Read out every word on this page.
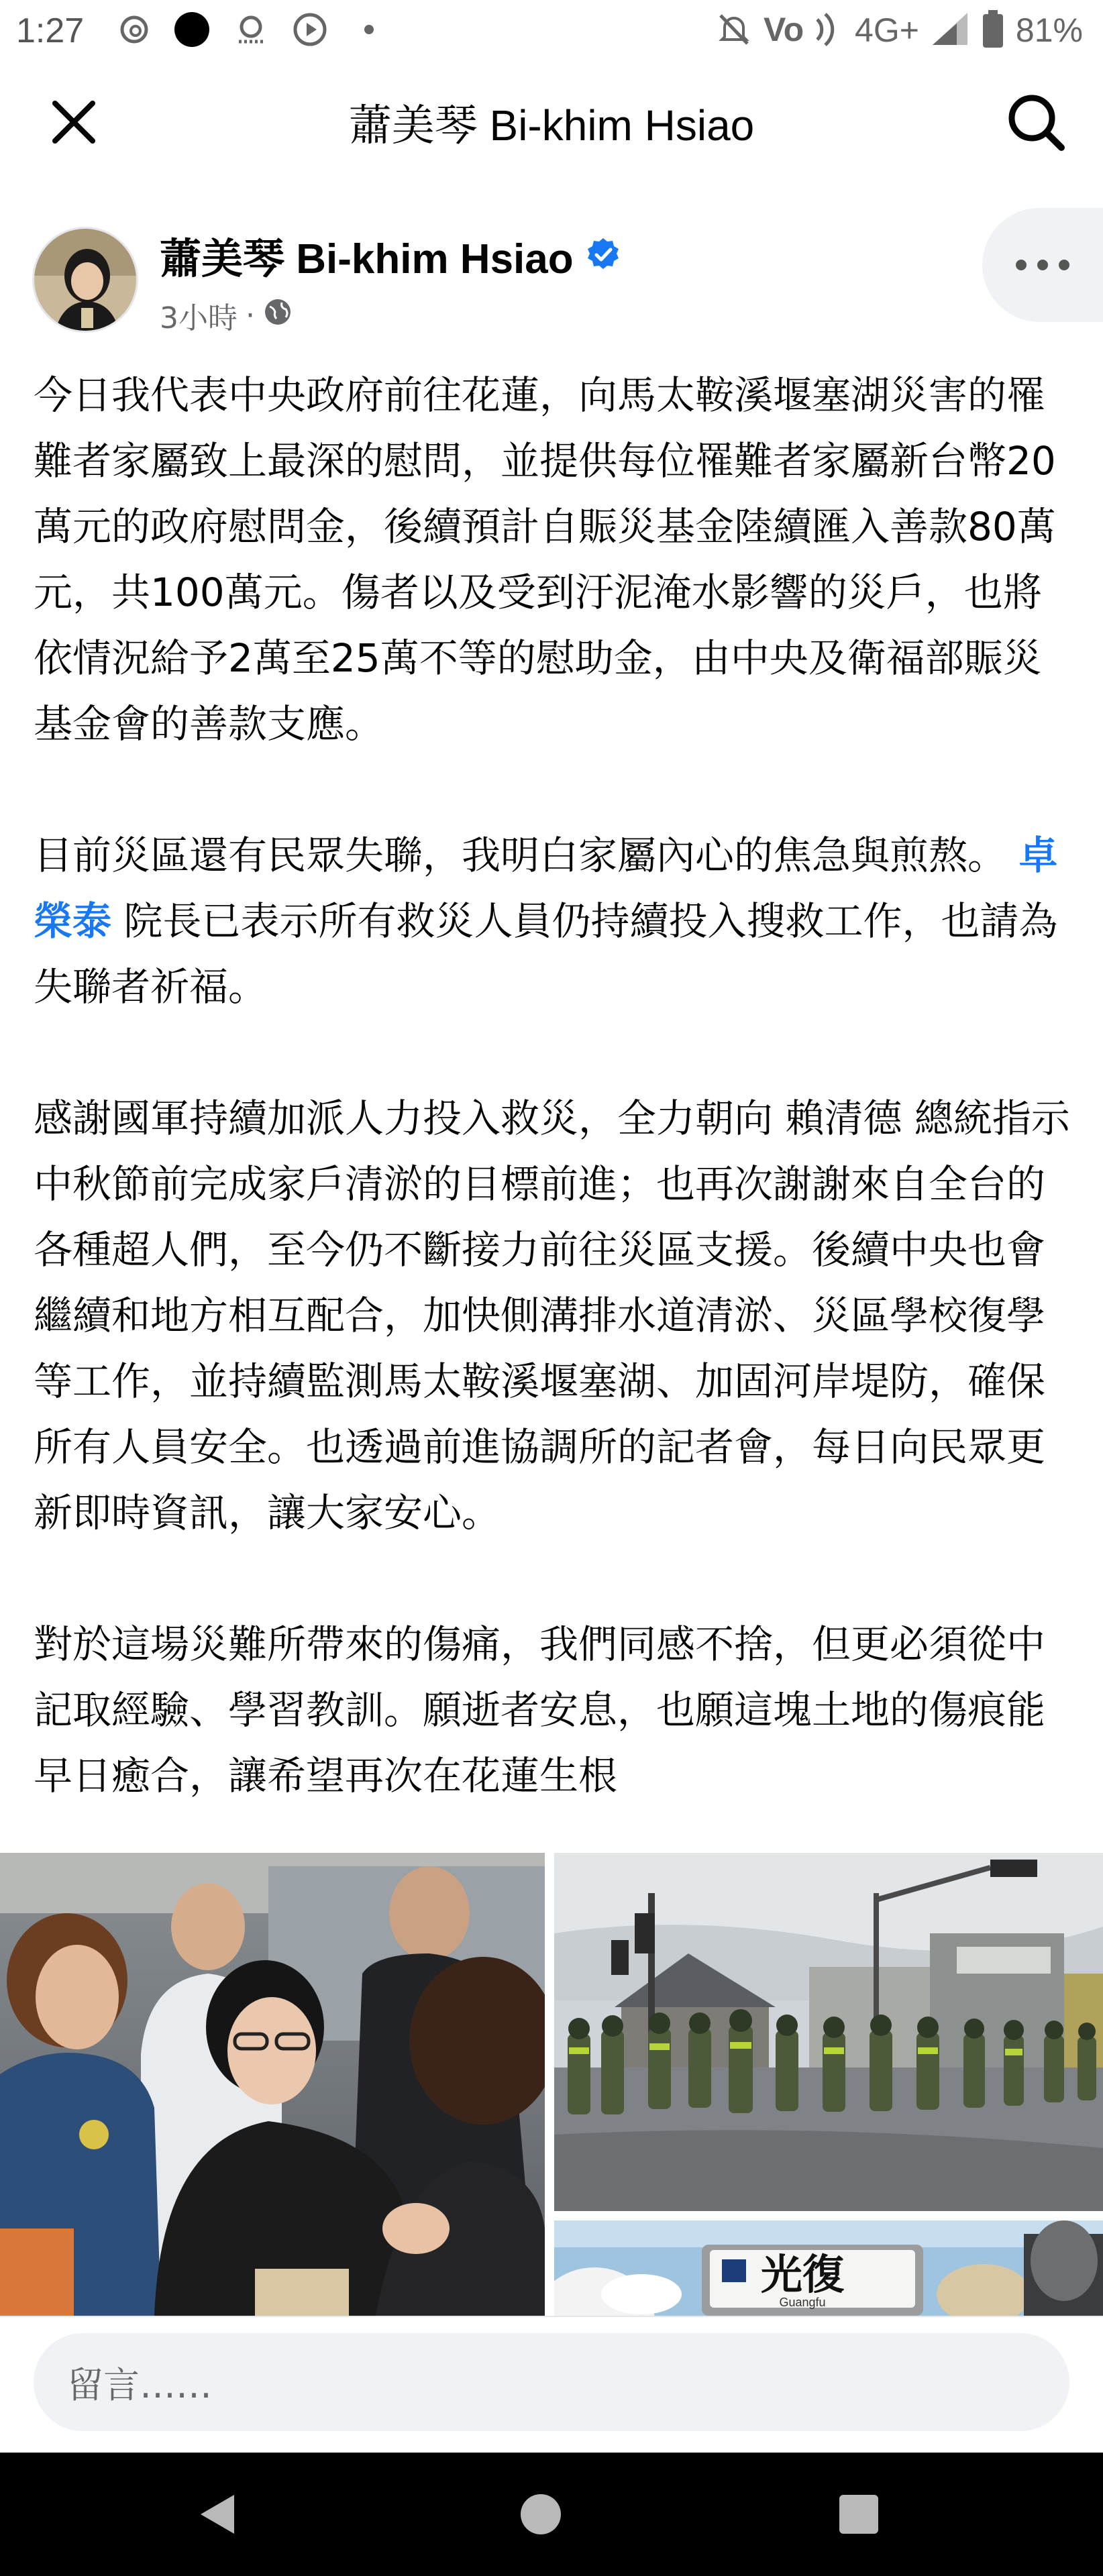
1:27	Vo 4G+	81%
蕭美琴 Bi-khim Hsiao
蕭美琴 Bi-khim Hsiao
3小時 ·

今日我代表中央政府前往花蓮，向馬太鞍溪堰塞湖災害的罹難者家屬致上最深的慰問，並提供每位罹難者家屬新台幣20萬元的政府慰問金，後續預計自賑災基金陸續匯入善款80萬元，共100萬元。傷者以及受到汙泥淹水影響的災戶，也將依情況給予2萬至25萬不等的慰助金，由中央及衛福部賑災基金會的善款支應。

目前災區還有民眾失聯，我明白家屬內心的焦急與煎熬。 卓榮泰 院長已表示所有救災人員仍持續投入搜救工作，也請為失聯者祈福。

感謝國軍持續加派人力投入救災，全力朝向 賴清德 總統指示中秋節前完成家戶清淤的目標前進；也再次謝謝來自全台的各種超人們，至今仍不斷接力前往災區支援。後續中央也會繼續和地方相互配合，加快側溝排水道清淤、災區學校復學等工作，並持續監測馬太鞍溪堰塞湖、加固河岸堤防，確保所有人員安全。也透過前進協調所的記者會，每日向民眾更新即時資訊，讓大家安心。

對於這場災難所帶來的傷痛，我們同感不捨，但更必須從中記取經驗、學習教訓。願逝者安息，也願這塊土地的傷痕能早日癒合，讓希望再次在花蓮生根

光復
Guangfu
留言……
